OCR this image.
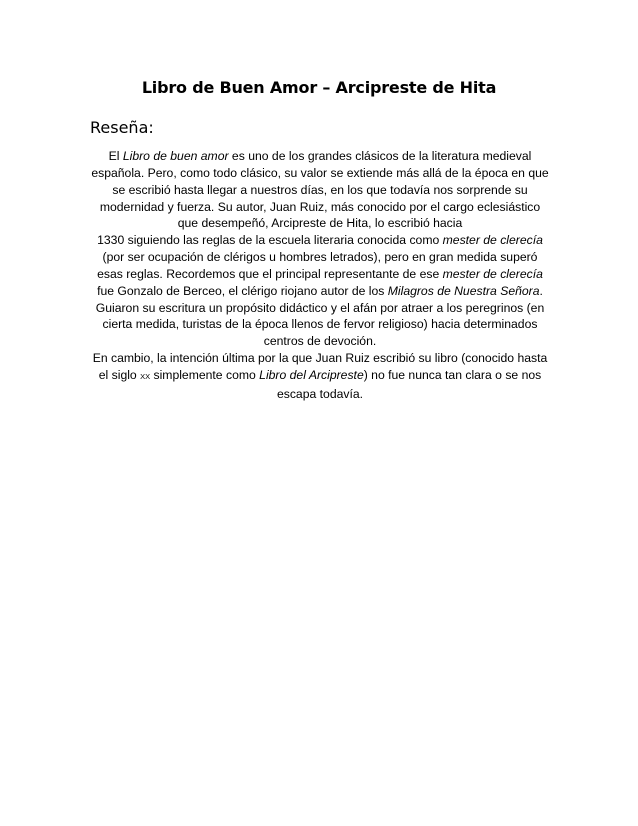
Libro de Buen Amor – Arcipreste de Hita
Reseña:

El Libro de buen amor es uno de los grandes clásicos de la literatura medieval española. Pero, como todo clásico, su valor se extiende más allá de la época en que se escribió hasta llegar a nuestros días, en los que todavía nos sorprende su modernidad y fuerza. Su autor, Juan Ruiz, más conocido por el cargo eclesiástico que desempeñó, Arcipreste de Hita, lo escribió hacia
1330 siguiendo las reglas de la escuela literaria conocida como mester de clerecía (por ser ocupación de clérigos u hombres letrados), pero en gran medida superó esas reglas. Recordemos que el principal representante de ese mester de clerecía fue Gonzalo de Berceo, el clérigo riojano autor de los Milagros de Nuestra Señora. Guiaron su escritura un propósito didáctico y el afán por atraer a los peregrinos (en cierta medida, turistas de la época llenos de fervor religioso) hacia determinados centros de devoción.

En cambio, la intención última por la que Juan Ruiz escribió su libro (conocido hasta el siglo XX simplemente como Libro del Arcipreste) no fue nunca tan clara o se nos escapa todavía.
